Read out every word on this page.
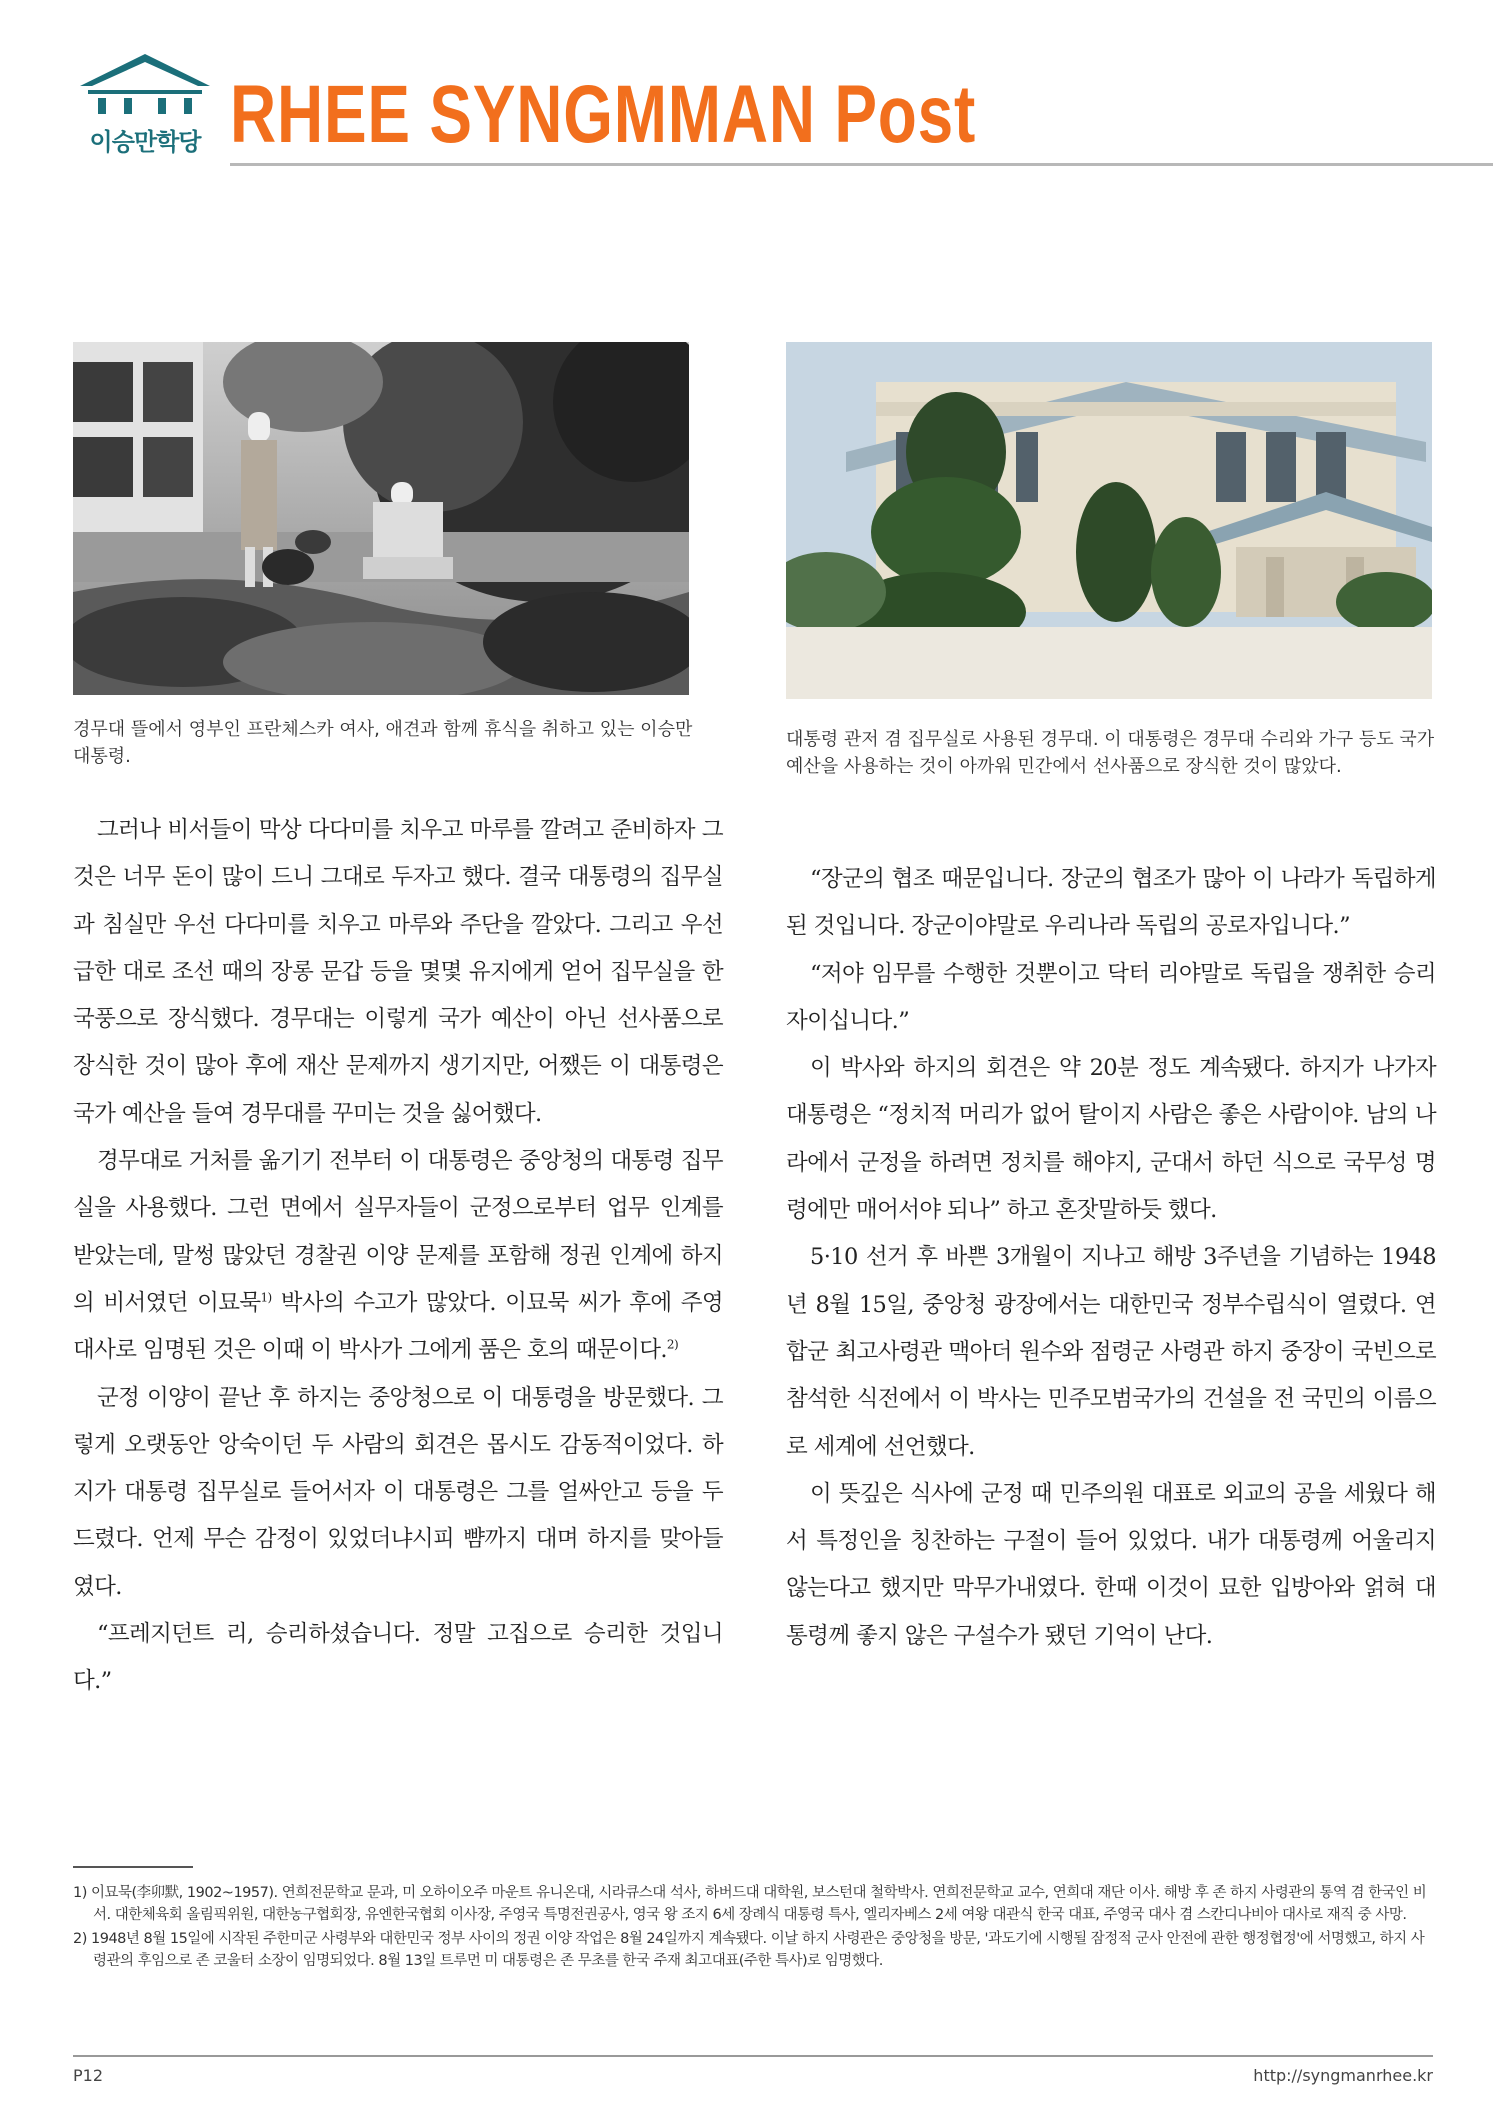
이승만학당 RHEE SYNGMMAN Post
경무대 뜰에서 영부인 프란체스카 여사, 애견과 함께 휴식을 취하고 있는 이승만 대통령.
대통령 관저 겸 집무실로 사용된 경무대. 이 대통령은 경무대 수리와 가구 등도 국가 예산을 사용하는 것이 아까워 민간에서 선사품으로 장식한 것이 많았다.

그러나 비서들이 막상 다다미를 치우고 마루를 깔려고 준비하자 그것은 너무 돈이 많이 드니 그대로 두자고 했다. 결국 대통령의 집무실과 침실만 우선 다다미를 치우고 마루와 주단을 깔았다. 그리고 우선 급한 대로 조선 때의 장롱 문갑 등을 몇몇 유지에게 얻어 집무실을 한국풍으로 장식했다. 경무대는 이렇게 국가 예산이 아닌 선사품으로 장식한 것이 많아 후에 재산 문제까지 생기지만, 어쨌든 이 대통령은 국가 예산을 들여 경무대를 꾸미는 것을 싫어했다.

경무대로 거처를 옮기기 전부터 이 대통령은 중앙청의 대통령 집무실을 사용했다. 그런 면에서 실무자들이 군정으로부터 업무 인계를 받았는데, 말썽 많았던 경찰권 이양 문제를 포함해 정권 인계에 하지의 비서였던 이묘묵$^{1)}$ 박사의 수고가 많았다. 이묘묵 씨가 후에 주영 대사로 임명된 것은 이때 이 박사가 그에게 품은 호의 때문이다.$^{2)}$

군정 이양이 끝난 후 하지는 중앙청으로 이 대통령을 방문했다. 그렇게 오랫동안 앙숙이던 두 사람의 회견은 몹시도 감동적이었다. 하지가 대통령 집무실로 들어서자 이 대통령은 그를 얼싸안고 등을 두드렸다. 언제 무슨 감정이 있었더냐시피 뺨까지 대며 하지를 맞아들였다.

“프레지던트 리, 승리하셨습니다. 정말 고집으로 승리한 것입니다.”

“장군의 협조 때문입니다. 장군의 협조가 많아 이 나라가 독립하게 된 것입니다. 장군이야말로 우리나라 독립의 공로자입니다.”

“저야 임무를 수행한 것뿐이고 닥터 리야말로 독립을 쟁취한 승리자이십니다.”

이 박사와 하지의 회견은 약 20분 정도 계속됐다. 하지가 나가자 대통령은 “정치적 머리가 없어 탈이지 사람은 좋은 사람이야. 남의 나라에서 군정을 하려면 정치를 해야지, 군대서 하던 식으로 국무성 명령에만 매어서야 되나” 하고 혼잣말하듯 했다.

5·10 선거 후 바쁜 3개월이 지나고 해방 3주년을 기념하는 1948년 8월 15일, 중앙청 광장에서는 대한민국 정부수립식이 열렸다. 연합군 최고사령관 맥아더 원수와 점령군 사령관 하지 중장이 국빈으로 참석한 식전에서 이 박사는 민주모범국가의 건설을 전 국민의 이름으로 세계에 선언했다.

이 뜻깊은 식사에 군정 때 민주의원 대표로 외교의 공을 세웠다 해서 특정인을 칭찬하는 구절이 들어 있었다. 내가 대통령께 어울리지 않는다고 했지만 막무가내였다. 한때 이것이 묘한 입방아와 얽혀 대통령께 좋지 않은 구설수가 됐던 기억이 난다.

1) 이묘묵(李卯默, 1902~1957). 연희전문학교 문과, 미 오하이오주 마운트 유니온대, 시라큐스대 석사, 하버드대 대학원, 보스턴대 철학박사. 연희전문학교 교수, 연희대 재단 이사. 해방 후 존 하지 사령관의 통역 겸 한국인 비서. 대한체육회 올림픽위원, 대한농구협회장, 유엔한국협회 이사장, 주영국 특명전권공사, 영국 왕 조지 6세 장례식 대통령 특사, 엘리자베스 2세 여왕 대관식 한국 대표, 주영국 대사 겸 스칸디나비아 대사로 재직 중 사망.

2) 1948년 8월 15일에 시작된 주한미군 사령부와 대한민국 정부 사이의 정권 이양 작업은 8월 24일까지 계속됐다. 이날 하지 사령관은 중앙청을 방문, '과도기에 시행될 잠정적 군사 안전에 관한 행정협정'에 서명했고, 하지 사령관의 후임으로 존 코울터 소장이 임명되었다. 8월 13일 트루먼 미 대통령은 존 무초를 한국 주재 최고대표(주한 특사)로 임명했다.

P12	http://syngmanrhee.kr
